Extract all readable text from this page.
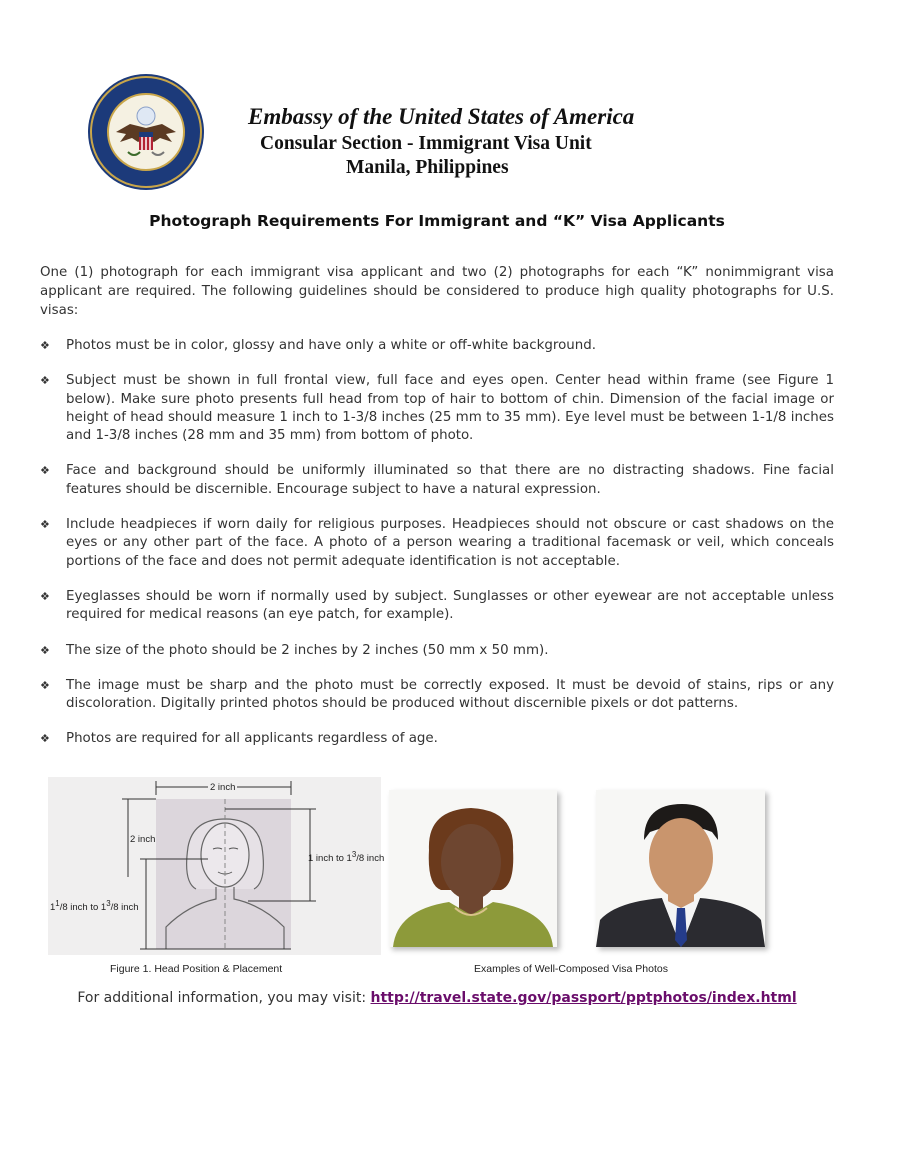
Embassy of the United States of America
Consular Section - Immigrant Visa Unit
Manila, Philippines
Photograph Requirements For Immigrant and “K” Visa Applicants
One (1) photograph for each immigrant visa applicant and two (2) photographs for each “K” nonimmigrant visa applicant are required. The following guidelines should be considered to produce high quality photographs for U.S. visas:
❖ Photos must be in color, glossy and have only a white or off-white background.
❖ Subject must be shown in full frontal view, full face and eyes open. Center head within frame (see Figure 1 below). Make sure photo presents full head from top of hair to bottom of chin. Dimension of the facial image or height of head should measure 1 inch to 1-3/8 inches (25 mm to 35 mm). Eye level must be between 1-1/8 inches and 1-3/8 inches (28 mm and 35 mm) from bottom of photo.
❖ Face and background should be uniformly illuminated so that there are no distracting shadows. Fine facial features should be discernible. Encourage subject to have a natural expression.
❖ Include headpieces if worn daily for religious purposes. Headpieces should not obscure or cast shadows on the eyes or any other part of the face. A photo of a person wearing a traditional facemask or veil, which conceals portions of the face and does not permit adequate identification is not acceptable.
❖ Eyeglasses should be worn if normally used by subject. Sunglasses or other eyewear are not acceptable unless required for medical reasons (an eye patch, for example).
❖ The size of the photo should be 2 inches by 2 inches (50 mm x 50 mm).
❖ The image must be sharp and the photo must be correctly exposed. It must be devoid of stains, rips or any discoloration. Digitally printed photos should be produced without discernible pixels or dot patterns.
❖ Photos are required for all applicants regardless of age.
2 inch
2 inch
1 inch to $1^3/8$ inch
$1^1/8$ inch to $1^3/8$ inch
Figure 1. Head Position & Placement	Examples of Well-Composed Visa Photos
For additional information, you may visit: http://travel.state.gov/passport/pptphotos/index.html
